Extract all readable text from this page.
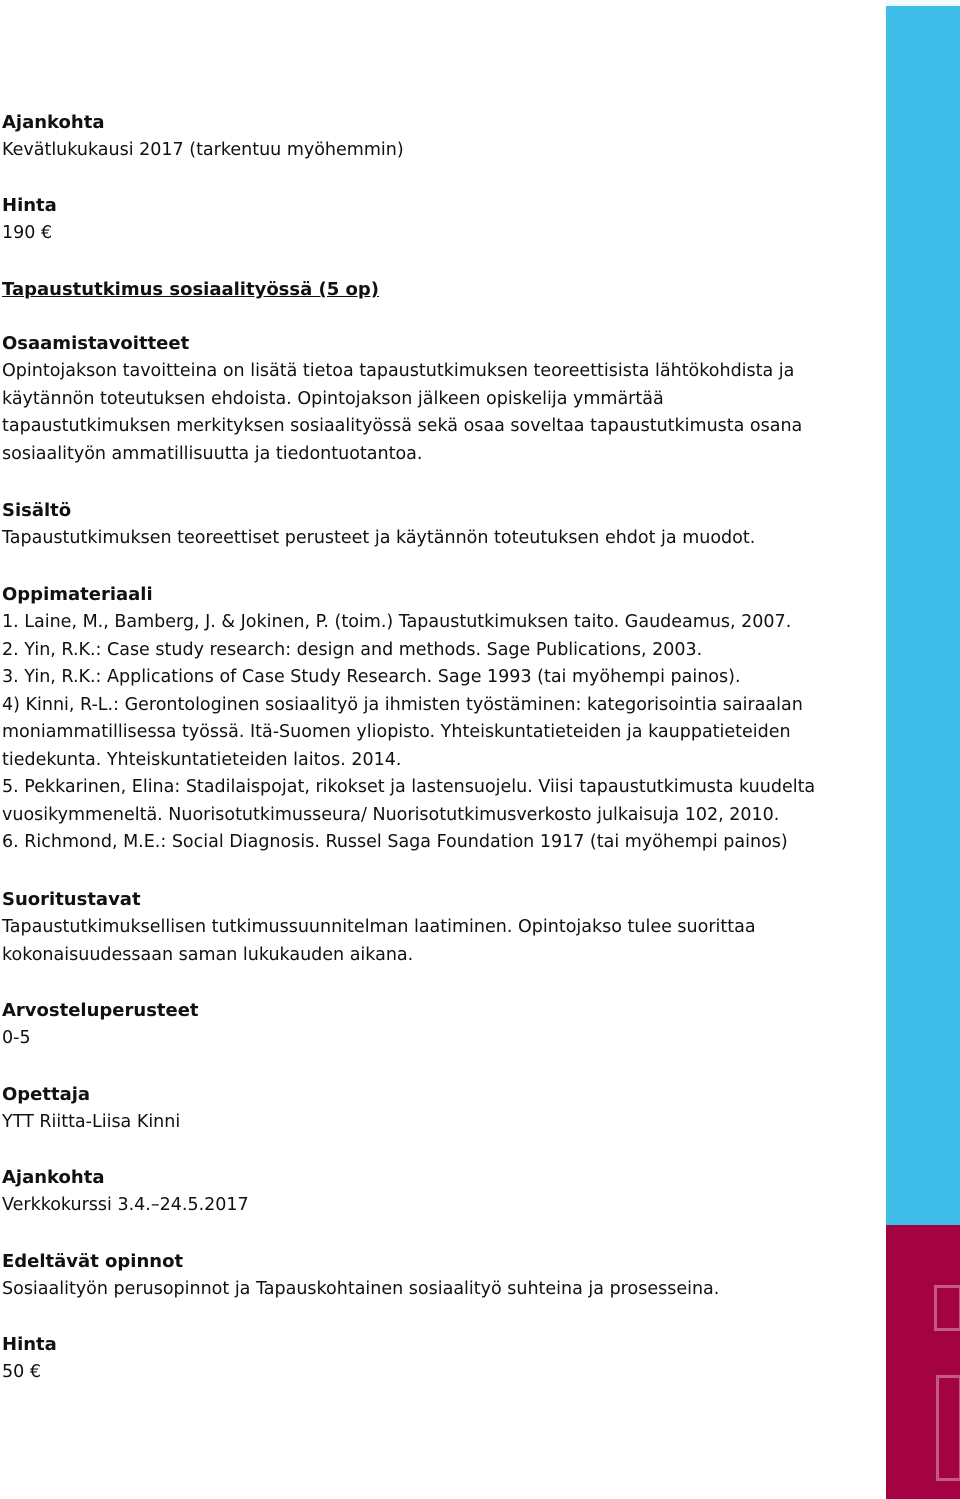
Ajankohta
Kevätlukukausi 2017 (tarkentuu myöhemmin)
Hinta
190 €
Tapaustutkimus sosiaalityössä (5 op)
Osaamistavoitteet
Opintojakson tavoitteina on lisätä tietoa tapaustutkimuksen teoreettisista lähtökohdista ja
käytännön toteutuksen ehdoista. Opintojakson jälkeen opiskelija ymmärtää
tapaustutkimuksen merkityksen sosiaalityössä sekä osaa soveltaa tapaustutkimusta osana
sosiaalityön ammatillisuutta ja tiedontuotantoa.
Sisältö
Tapaustutkimuksen teoreettiset perusteet ja käytännön toteutuksen ehdot ja muodot.
Oppimateriaali
1. Laine, M., Bamberg, J. & Jokinen, P. (toim.) Tapaustutkimuksen taito. Gaudeamus, 2007.
2. Yin, R.K.: Case study research: design and methods. Sage Publications, 2003.
3. Yin, R.K.: Applications of Case Study Research. Sage 1993 (tai myöhempi painos).
4) Kinni, R-L.: Gerontologinen sosiaalityö ja ihmisten työstäminen: kategorisointia sairaalan
moniammatillisessa työssä. Itä-Suomen yliopisto. Yhteiskuntatieteiden ja kauppatieteiden
tiedekunta. Yhteiskuntatieteiden laitos. 2014.
5. Pekkarinen, Elina: Stadilaispojat, rikokset ja lastensuojelu. Viisi tapaustutkimusta kuudelta
vuosikymmeneltä. Nuorisotutkimusseura/ Nuorisotutkimusverkosto julkaisuja 102, 2010.
6. Richmond, M.E.: Social Diagnosis. Russel Saga Foundation 1917 (tai myöhempi painos)
Suoritustavat
Tapaustutkimuksellisen tutkimussuunnitelman laatiminen. Opintojakso tulee suorittaa
kokonaisuudessaan saman lukukauden aikana.
Arvosteluperusteet
0-5
Opettaja
YTT Riitta-Liisa Kinni
Ajankohta
Verkkokurssi 3.4.–24.5.2017
Edeltävät opinnot
Sosiaalityön perusopinnot ja Tapauskohtainen sosiaalityö suhteina ja prosesseina.
Hinta
50 €
